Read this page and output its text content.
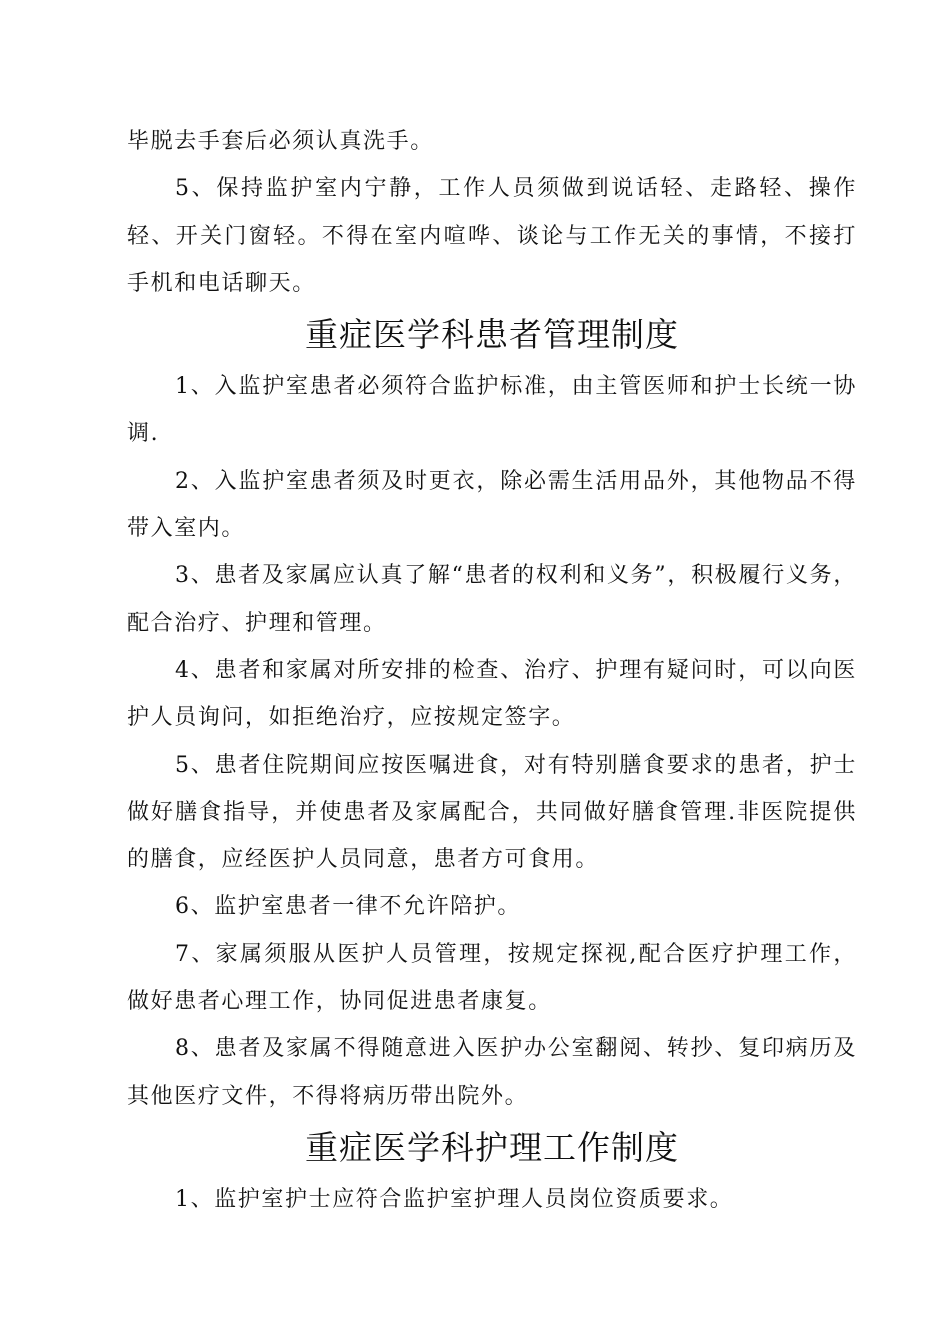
毕脱去手套后必须认真洗手。

5、保持监护室内宁静，工作人员须做到说话轻、走路轻、操作轻、开关门窗轻。不得在室内喧哗、谈论与工作无关的事情，不接打手机和电话聊天。

重症医学科患者管理制度

1、入监护室患者必须符合监护标准，由主管医师和护士长统一协调.

2、入监护室患者须及时更衣，除必需生活用品外，其他物品不得带入室内。

3、患者及家属应认真了解“患者的权利和义务”，积极履行义务，配合治疗、护理和管理。

4、患者和家属对所安排的检查、治疗、护理有疑问时，可以向医护人员询问，如拒绝治疗，应按规定签字。

5、患者住院期间应按医嘱进食，对有特别膳食要求的患者，护士做好膳食指导，并使患者及家属配合，共同做好膳食管理.非医院提供的膳食，应经医护人员同意，患者方可食用。

6、监护室患者一律不允许陪护。

7、家属须服从医护人员管理，按规定探视,配合医疗护理工作，做好患者心理工作，协同促进患者康复。

8、患者及家属不得随意进入医护办公室翻阅、转抄、复印病历及其他医疗文件，不得将病历带出院外。

重症医学科护理工作制度

1、监护室护士应符合监护室护理人员岗位资质要求。
